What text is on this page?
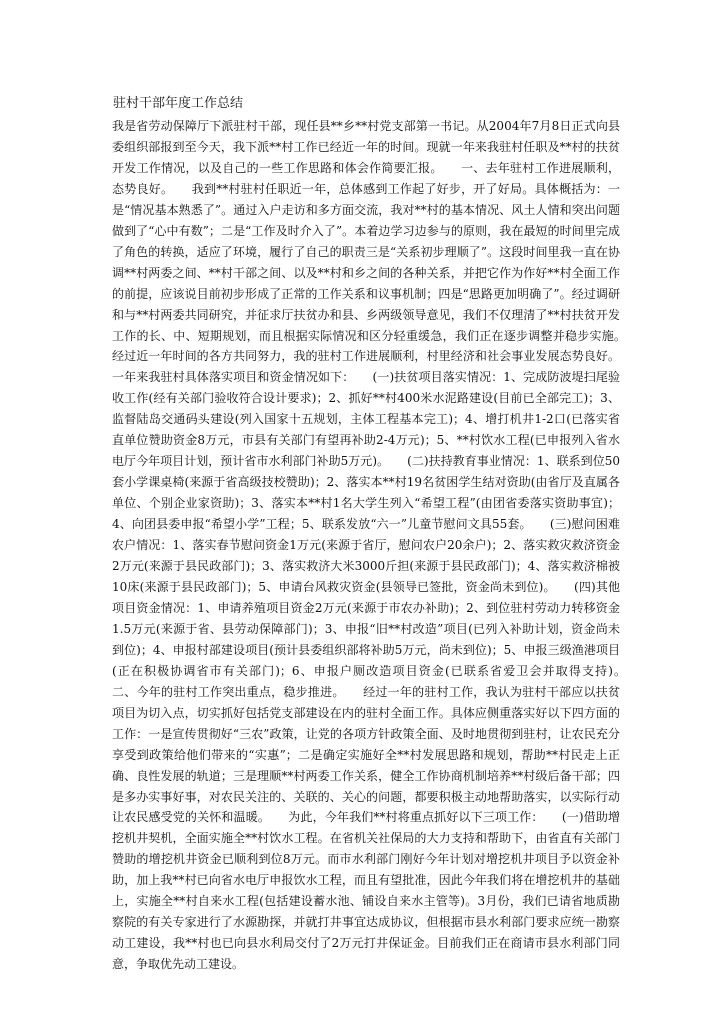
驻村干部年度工作总结

我是省劳动保障厅下派驻村干部，现任县**乡**村党支部第一书记。从2004年7月8日正式向县委组织部报到至今天，我下派**村工作已经近一年的时间。现就一年来我驻村任职及**村的扶贫开发工作情况，以及自己的一些工作思路和体会作简要汇报。　　一、去年驻村工作进展顺利，态势良好。　　我到**村驻村任职近一年，总体感到工作起了好步，开了好局。具体概括为：一是“情况基本熟悉了”。通过入户走访和多方面交流，我对**村的基本情况、风土人情和突出问题做到了“心中有数”；二是“工作及时介入了”。本着边学习边参与的原则，我在最短的时间里完成了角色的转换，适应了环境，履行了自己的职责三是“关系初步理顺了”。这段时间里我一直在协调**村两委之间、**村干部之间、以及**村和乡之间的各种关系，并把它作为作好**村全面工作的前提，应该说目前初步形成了正常的工作关系和议事机制；四是“思路更加明确了”。经过调研和与**村两委共同研究，并征求厅扶贫办和县、乡两级领导意见，我们不仅理清了**村扶贫开发工作的长、中、短期规划，而且根据实际情况和区分轻重缓急，我们正在逐步调整并稳步实施。　　经过近一年时间的各方共同努力，我的驻村工作进展顺利，村里经济和社会事业发展态势良好。一年来我驻村具体落实项目和资金情况如下：　　(一)扶贫项目落实情况：1、完成防波堤扫尾验收工作(经有关部门验收符合设计要求)；2、抓好**村400米水泥路建设(目前已全部完工)；3、监督陆岛交通码头建设(列入国家十五规划，主体工程基本完工)；4、增打机井1-2口(已落实省直单位赞助资金8万元，市县有关部门有望再补助2-4万元)；5、**村饮水工程(已申报列入省水电厅今年项目计划，预计省市水利部门补助5万元)。　　(二)扶持教育事业情况：1、联系到位50套小学课桌椅(来源于省高级技校赞助)；2、落实本**村19名贫困学生结对资助(由省厅及直属各单位、个别企业家资助)；3、落实本**村1名大学生列入“希望工程”(由团省委落实资助事宜)；4、向团县委申报“希望小学”工程；5、联系发放“六一”儿童节慰问文具55套。　　(三)慰问困难农户情况：1、落实春节慰问资金1万元(来源于省厅，慰问农户20余户)；2、落实救灾救济资金2万元(来源于县民政部门)；3、落实救济大米3000斤担(来源于县民政部门)；4、落实救济棉被10床(来源于县民政部门)；5、申请台风救灾资金(县领导已签批，资金尚未到位)。　　(四)其他项目资金情况：1、申请养殖项目资金2万元(来源于市农办补助)；2、到位驻村劳动力转移资金1.5万元(来源于省、县劳动保障部门)；3、申报“旧**村改造”项目(已列入补助计划，资金尚未到位)；4、申报村部建设项目(预计县委组织部将补助5万元，尚未到位)；5、申报三级渔港项目(正在积极协调省市有关部门)；6、申报户厕改造项目资金(已联系省爱卫会并取得支持)。　　二、今年的驻村工作突出重点，稳步推进。　　经过一年的驻村工作，我认为驻村干部应以扶贫项目为切入点，切实抓好包括党支部建设在内的驻村全面工作。具体应侧重落实好以下四方面的工作：一是宣传贯彻好“三农”政策，让党的各项方针政策全面、及时地贯彻到驻村，让农民充分享受到政策给他们带来的“实惠”；二是确定实施好全**村发展思路和规划，帮助**村民走上正确、良性发展的轨道；三是理顺**村两委工作关系，健全工作协商机制培养**村级后备干部；四是多办实事好事，对农民关注的、关联的、关心的问题，都要积极主动地帮助落实，以实际行动让农民感受党的关怀和温暖。　　为此，今年我们**村将重点抓好以下三项工作：　　(一)借助增挖机井契机，全面实施全**村饮水工程。在省机关社保局的大力支持和帮助下，由省直有关部门赞助的增挖机井资金已顺利到位8万元。而市水利部门刚好今年计划对增挖机井项目予以资金补助，加上我**村已向省水电厅申报饮水工程，而且有望批准，因此今年我们将在增挖机井的基础上，实施全**村自来水工程(包括建设蓄水池、铺设自来水主管等)。3月份，我们已请省地质勘察院的有关专家进行了水源勘探，并就打井事宜达成协议，但根据市县水利部门要求应统一勘察动工建设，我**村也已向县水利局交付了2万元打井保证金。目前我们正在商请市县水利部门同意，争取优先动工建设。
